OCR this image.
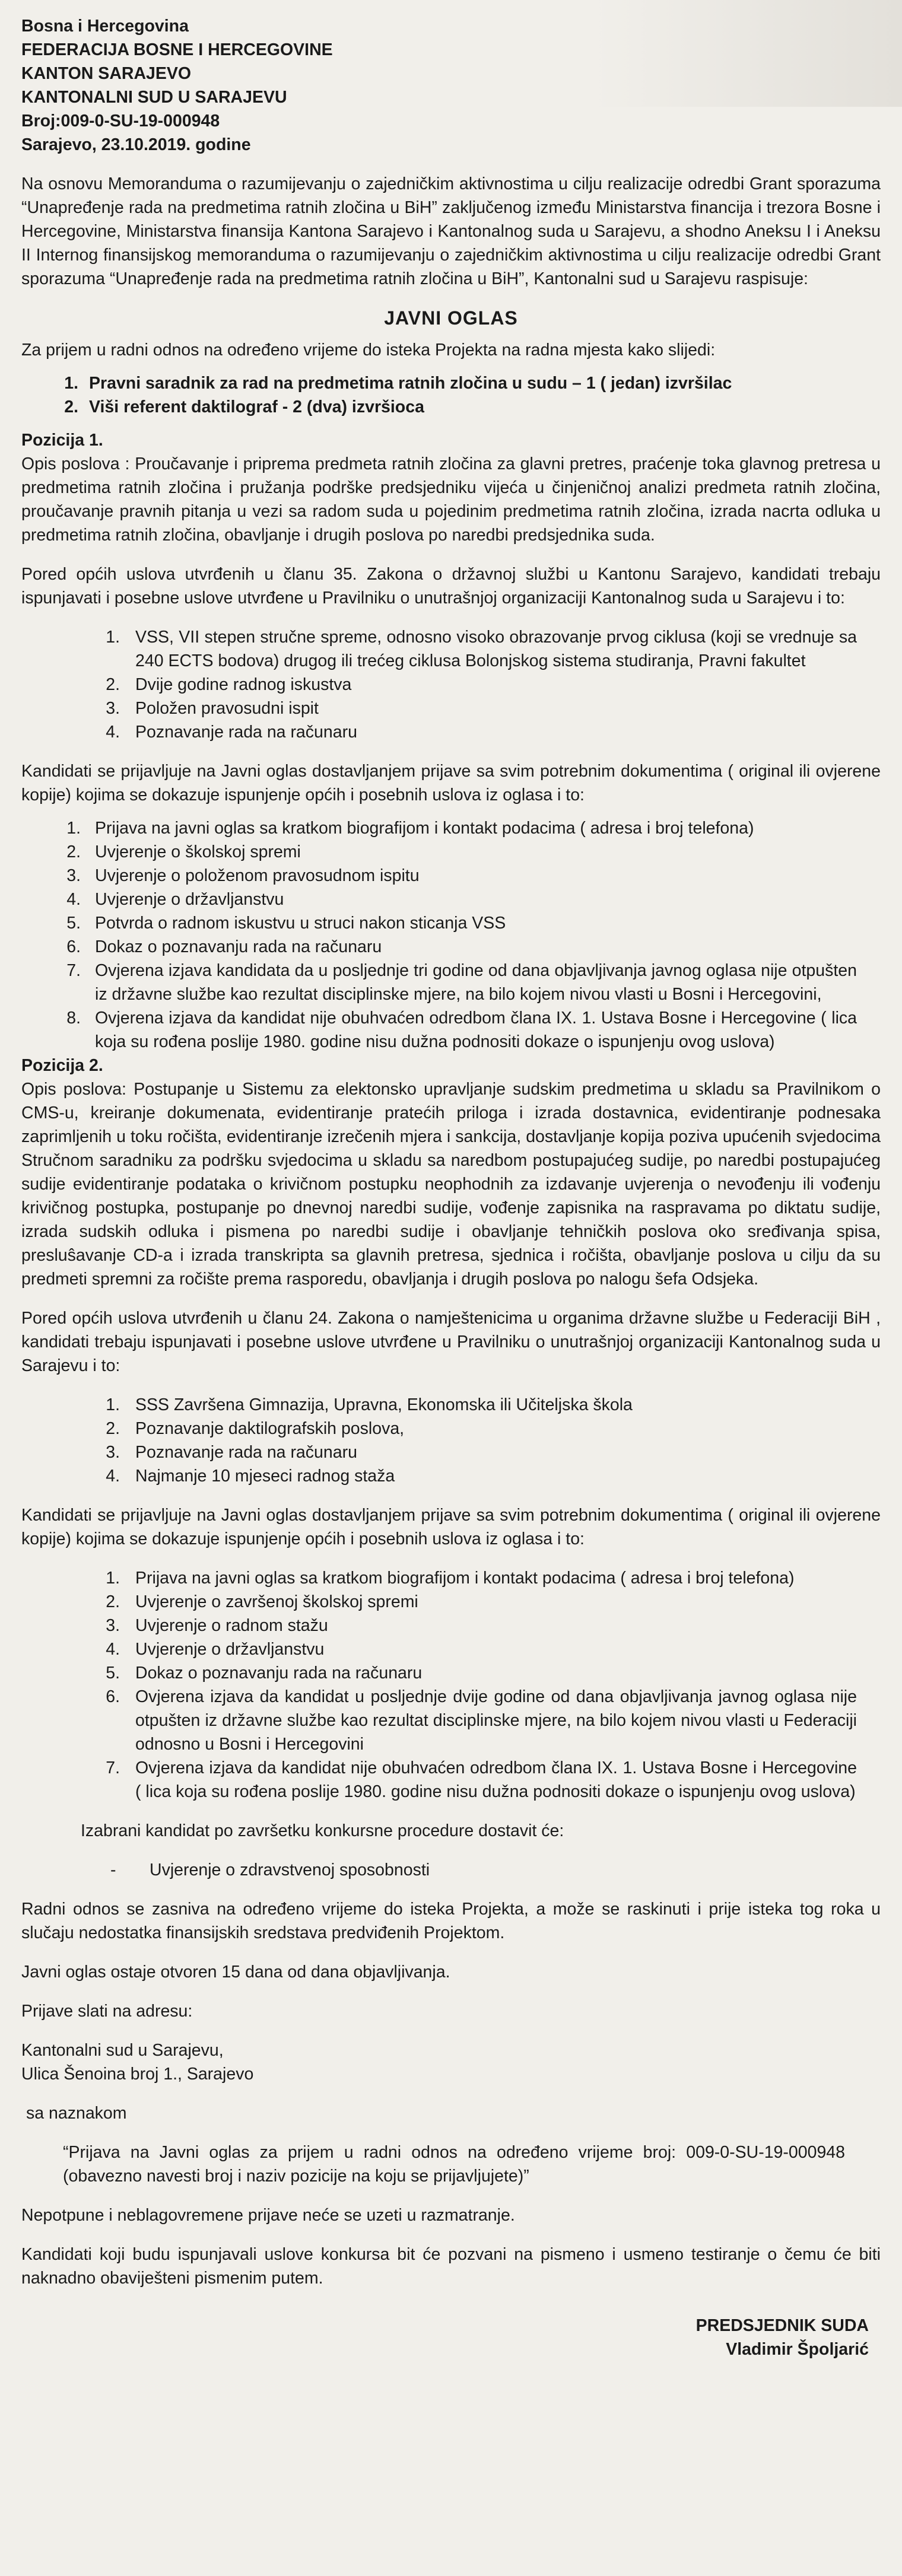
Bosna i Hercegovina
FEDERACIJA BOSNE I HERCEGOVINE
KANTON SARAJEVO
KANTONALNI SUD U SARAJEVU
Broj:009-0-SU-19-000948
Sarajevo, 23.10.2019. godine

Na osnovu Memoranduma o razumijevanju o zajedničkim aktivnostima u cilju realizacije odredbi Grant sporazuma “Unapređenje rada na predmetima ratnih zločina u BiH” zaključenog između Ministarstva financija i trezora Bosne i Hercegovine, Ministarstva finansija Kantona Sarajevo i Kantonalnog suda u Sarajevu, a shodno Aneksu I i Aneksu II Internog finansijskog memoranduma o razumijevanju o zajedničkim aktivnostima u cilju realizacije odredbi Grant sporazuma “Unapređenje rada na predmetima ratnih zločina u BiH”, Kantonalni sud u Sarajevu raspisuje:

JAVNI OGLAS

Za prijem u radni odnos na određeno vrijeme do isteka Projekta na radna mjesta kako slijedi:

1. Pravni saradnik za rad na predmetima ratnih zločina u sudu – 1 ( jedan) izvršilac
2. Viši referent daktilograf - 2 (dva) izvršioca
Pozicija 1.

Opis poslova : Proučavanje i priprema predmeta ratnih zločina za glavni pretres, praćenje toka glavnog pretresa u predmetima ratnih zločina i pružanja podrške predsjedniku vijeća u činjeničnoj analizi predmeta ratnih zločina, proučavanje pravnih pitanja u vezi sa radom suda u pojedinim predmetima ratnih zločina, izrada nacrta odluka u predmetima ratnih zločina, obavljanje i drugih poslova po naredbi predsjednika suda.

Pored općih uslova utvrđenih u članu 35. Zakona o državnoj službi u Kantonu Sarajevo, kandidati trebaju ispunjavati i posebne uslove utvrđene u Pravilniku o unutrašnjoj organizaciji Kantonalnog suda u Sarajevu i to:

1. VSS, VII stepen stručne spreme, odnosno visoko obrazovanje prvog ciklusa (koji se vrednuje sa 240 ECTS bodova) drugog ili trećeg ciklusa Bolonjskog sistema studiranja, Pravni fakultet
2. Dvije godine radnog iskustva
3. Položen pravosudni ispit
4. Poznavanje rada na računaru

Kandidati se prijavljuje na Javni oglas dostavljanjem prijave sa svim potrebnim dokumentima ( original ili ovjerene kopije) kojima se dokazuje ispunjenje općih i posebnih uslova iz oglasa i to:

1. Prijava na javni oglas sa kratkom biografijom i kontakt podacima ( adresa i broj telefona)
2. Uvjerenje o školskoj spremi
3. Uvjerenje o položenom pravosudnom ispitu
4. Uvjerenje o državljanstvu
5. Potvrda o radnom iskustvu u struci nakon sticanja VSS
6. Dokaz o poznavanju rada na računaru
7. Ovjerena izjava kandidata da u posljednje tri godine od dana objavljivanja javnog oglasa nije otpušten iz državne službe kao rezultat disciplinske mjere, na bilo kojem nivou vlasti u Bosni i Hercegovini,
8. Ovjerena izjava da kandidat nije obuhvaćen odredbom člana IX. 1. Ustava Bosne i Hercegovine ( lica koja su rođena poslije 1980. godine nisu dužna podnositi dokaze o ispunjenju ovog uslova)
Pozicija 2.

Opis poslova: Postupanje u Sistemu za elektonsko upravljanje sudskim predmetima u skladu sa Pravilnikom o CMS-u, kreiranje dokumenata, evidentiranje pratećih priloga i izrada dostavnica, evidentiranje podnesaka zaprimljenih u toku ročišta, evidentiranje izrečenih mjera i sankcija, dostavljanje kopija poziva upućenih svjedocima Stručnom saradniku za podršku svjedocima u skladu sa naredbom postupajućeg sudije, po naredbi postupajućeg sudije evidentiranje podataka o krivičnom postupku neophodnih za izdavanje uvjerenja o nevođenju ili vođenju krivičnog postupka, postupanje po dnevnoj naredbi sudije, vođenje zapisnika na raspravama po diktatu sudije, izrada sudskih odluka i pismena po naredbi sudije i obavljanje tehničkih poslova oko sređivanja spisa, presluŝavanje CD-a i izrada transkripta sa glavnih pretresa, sjednica i ročišta, obavljanje poslova u cilju da su predmeti spremni za ročište prema rasporedu, obavljanja i drugih poslova po nalogu šefa Odsjeka.

Pored općih uslova utvrđenih u članu 24. Zakona o namještenicima u organima državne službe u Federaciji BiH , kandidati trebaju ispunjavati i posebne uslove utvrđene u Pravilniku o unutrašnjoj organizaciji Kantonalnog suda u Sarajevu i to:

1. SSS Završena Gimnazija, Upravna, Ekonomska ili Učiteljska škola
2. Poznavanje daktilografskih poslova,
3. Poznavanje rada na računaru
4. Najmanje 10 mjeseci radnog staža

Kandidati se prijavljuje na Javni oglas dostavljanjem prijave sa svim potrebnim dokumentima ( original ili ovjerene kopije) kojima se dokazuje ispunjenje općih i posebnih uslova iz oglasa i to:

1. Prijava na javni oglas sa kratkom biografijom i kontakt podacima ( adresa i broj telefona)
2. Uvjerenje o završenoj školskoj spremi
3. Uvjerenje o radnom stažu
4. Uvjerenje o državljanstvu
5. Dokaz o poznavanju rada na računaru
6. Ovjerena izjava da kandidat u posljednje dvije godine od dana objavljivanja javnog oglasa nije otpušten iz državne službe kao rezultat disciplinske mjere, na bilo kojem nivou vlasti u Federaciji odnosno u Bosni i Hercegovini
7. Ovjerena izjava da kandidat nije obuhvaćen odredbom člana IX. 1. Ustava Bosne i Hercegovine ( lica koja su rođena poslije 1980. godine nisu dužna podnositi dokaze o ispunjenju ovog uslova)

Izabrani kandidat po završetku konkursne procedure dostavit će:

-	Uvjerenje o zdravstvenoj sposobnosti

Radni odnos se zasniva na određeno vrijeme do isteka Projekta, a može se raskinuti i prije isteka tog roka u slučaju nedostatka finansijskih sredstava predviđenih Projektom.

Javni oglas ostaje otvoren 15 dana od dana objavljivanja.

Prijave slati na adresu:

Kantonalni sud u Sarajevu,
Ulica Šenoina broj 1., Sarajevo

sa naznakom

“Prijava na Javni oglas za prijem u radni odnos na određeno vrijeme broj: 009-0-SU-19-000948 (obavezno navesti broj i naziv pozicije na koju se prijavljujete)”

Nepotpune i neblagovremene prijave neće se uzeti u razmatranje.

Kandidati koji budu ispunjavali uslove konkursa bit će pozvani na pismeno i usmeno testiranje o čemu će biti naknadno obaviješteni pismenim putem.

PREDSJEDNIK SUDA
Vladimir Špoljarić
